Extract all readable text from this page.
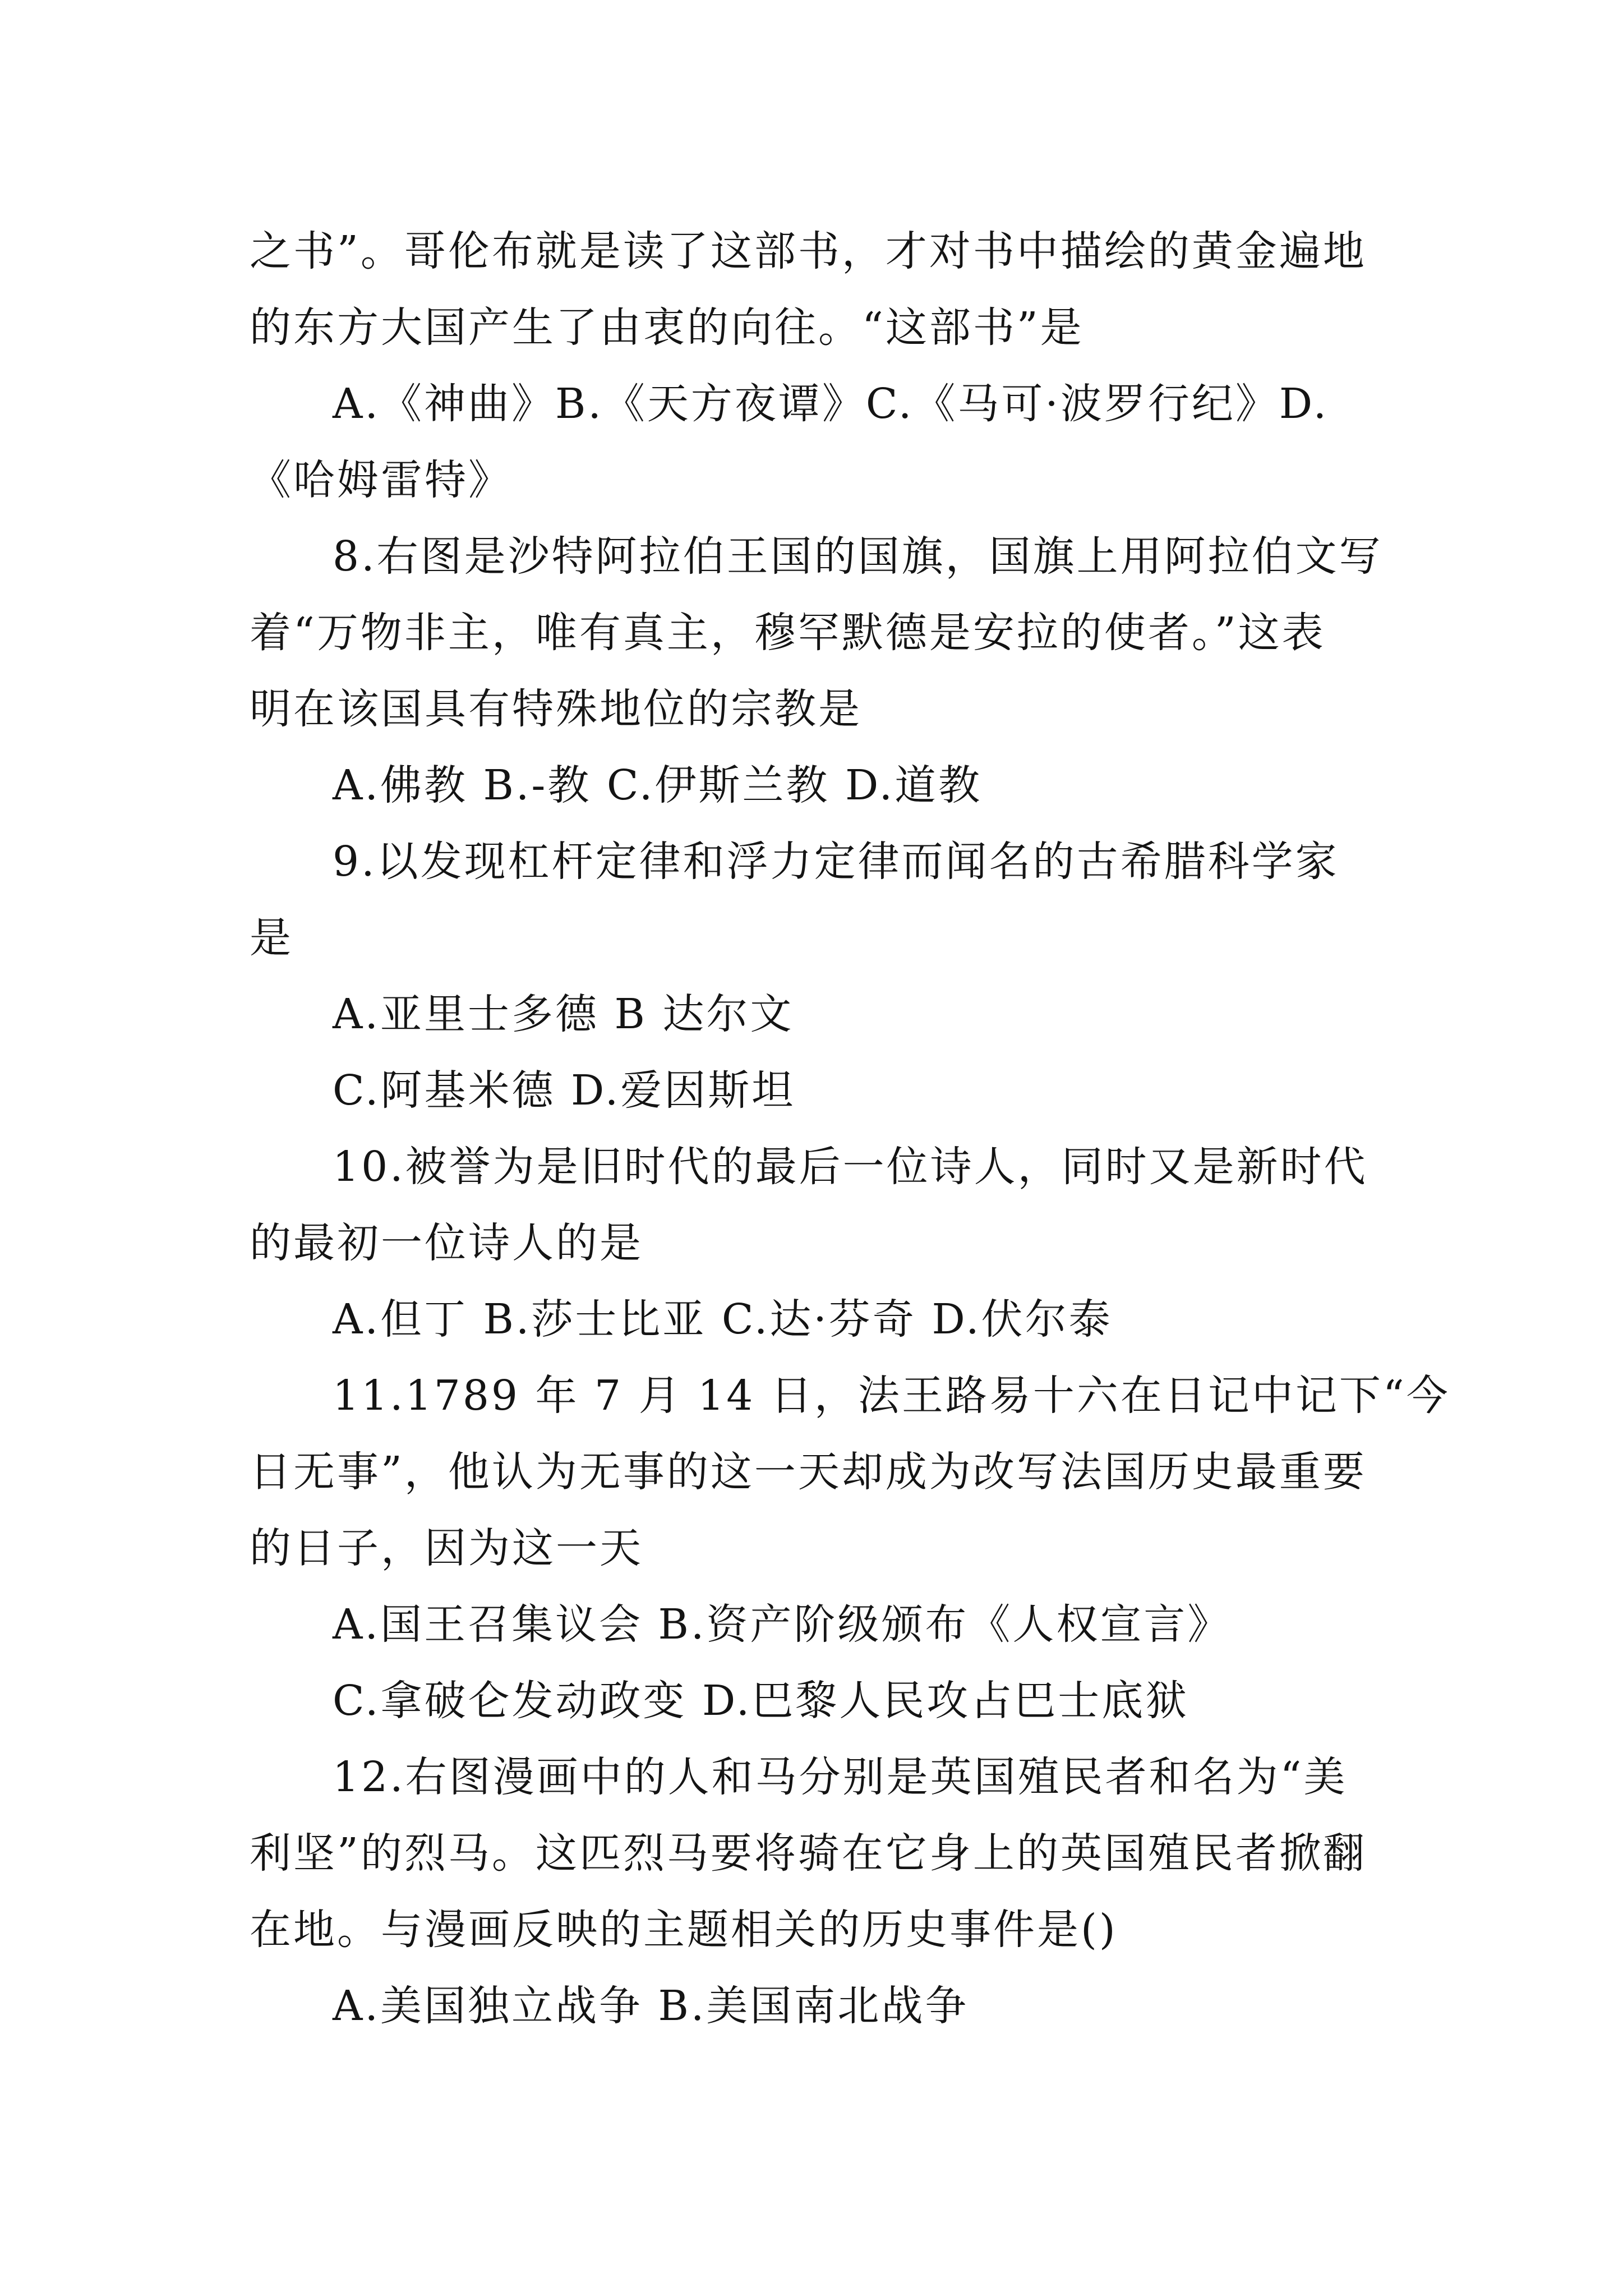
之书”。哥伦布就是读了这部书，才对书中描绘的黄金遍地
的东方大国产生了由衷的向往。“这部书”是
A.《神曲》B.《天方夜谭》C.《马可·波罗行纪》D.
《哈姆雷特》
8.右图是沙特阿拉伯王国的国旗，国旗上用阿拉伯文写
着“万物非主，唯有真主，穆罕默德是安拉的使者。”这表
明在该国具有特殊地位的宗教是
A.佛教 B.-教 C.伊斯兰教 D.道教
9.以发现杠杆定律和浮力定律而闻名的古希腊科学家
是
A.亚里士多德 B 达尔文
C.阿基米德 D.爱因斯坦
10.被誉为是旧时代的最后一位诗人，同时又是新时代
的最初一位诗人的是
A.但丁 B.莎士比亚 C.达·芬奇 D.伏尔泰
11.1789 年 7 月 14 日，法王路易十六在日记中记下“今
日无事”，他认为无事的这一天却成为改写法国历史最重要
的日子，因为这一天
A.国王召集议会 B.资产阶级颁布《人权宣言》
C.拿破仑发动政变 D.巴黎人民攻占巴士底狱
12.右图漫画中的人和马分别是英国殖民者和名为“美
利坚”的烈马。这匹烈马要将骑在它身上的英国殖民者掀翻
在地。与漫画反映的主题相关的历史事件是()
A.美国独立战争 B.美国南北战争
